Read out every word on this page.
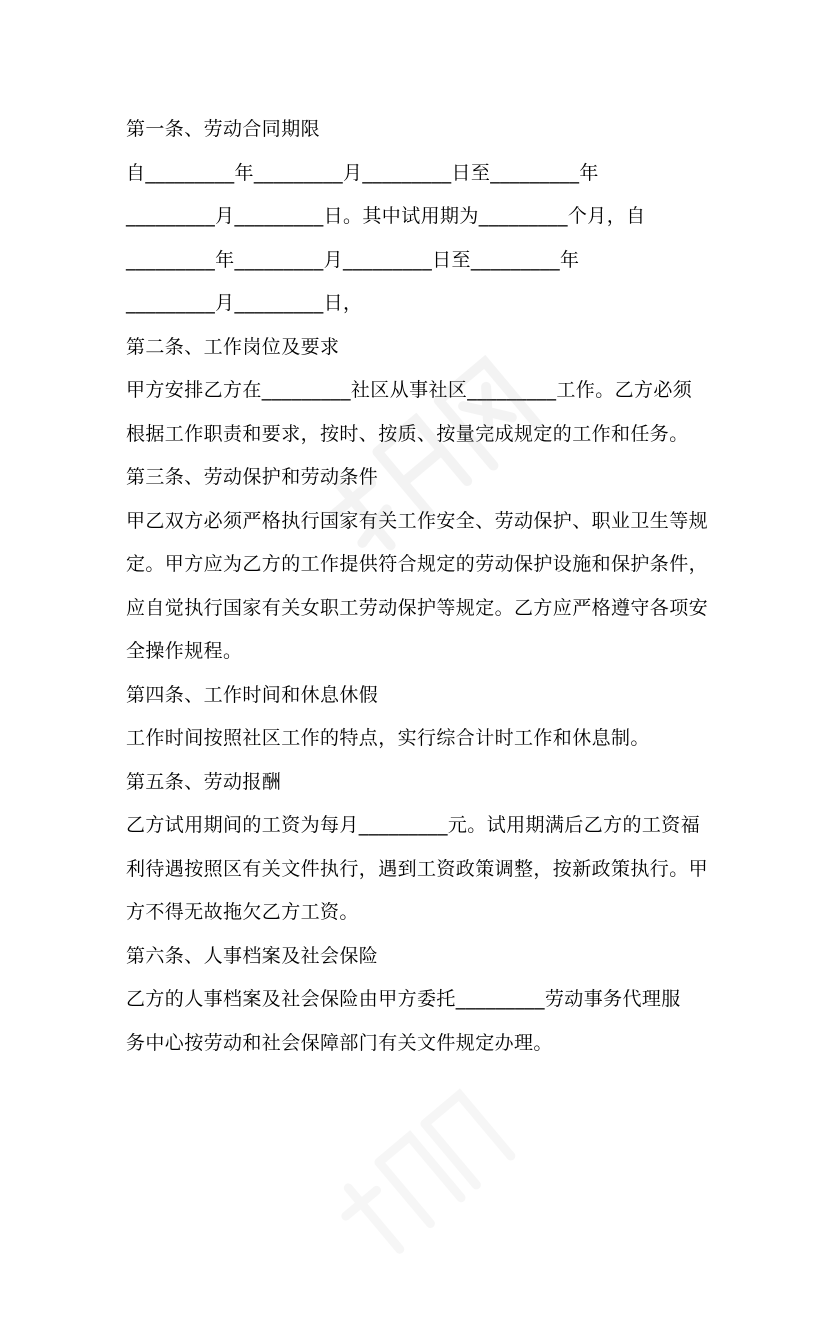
第一条、劳动合同期限
自_________年_________月_________日至_________年
_________月_________日。其中试用期为_________个月，自
_________年_________月_________日至_________年
_________月_________日，
第二条、工作岗位及要求
甲方安排乙方在_________社区从事社区_________工作。乙方必须
根据工作职责和要求，按时、按质、按量完成规定的工作和任务。
第三条、劳动保护和劳动条件
甲乙双方必须严格执行国家有关工作安全、劳动保护、职业卫生等规
定。甲方应为乙方的工作提供符合规定的劳动保护设施和保护条件，
应自觉执行国家有关女职工劳动保护等规定。乙方应严格遵守各项安
全操作规程。
第四条、工作时间和休息休假
工作时间按照社区工作的特点，实行综合计时工作和休息制。
第五条、劳动报酬
乙方试用期间的工资为每月_________元。试用期满后乙方的工资福
利待遇按照区有关文件执行，遇到工资政策调整，按新政策执行。甲
方不得无故拖欠乙方工资。
第六条、人事档案及社会保险
乙方的人事档案及社会保险由甲方委托_________劳动事务代理服
务中心按劳动和社会保障部门有关文件规定办理。
